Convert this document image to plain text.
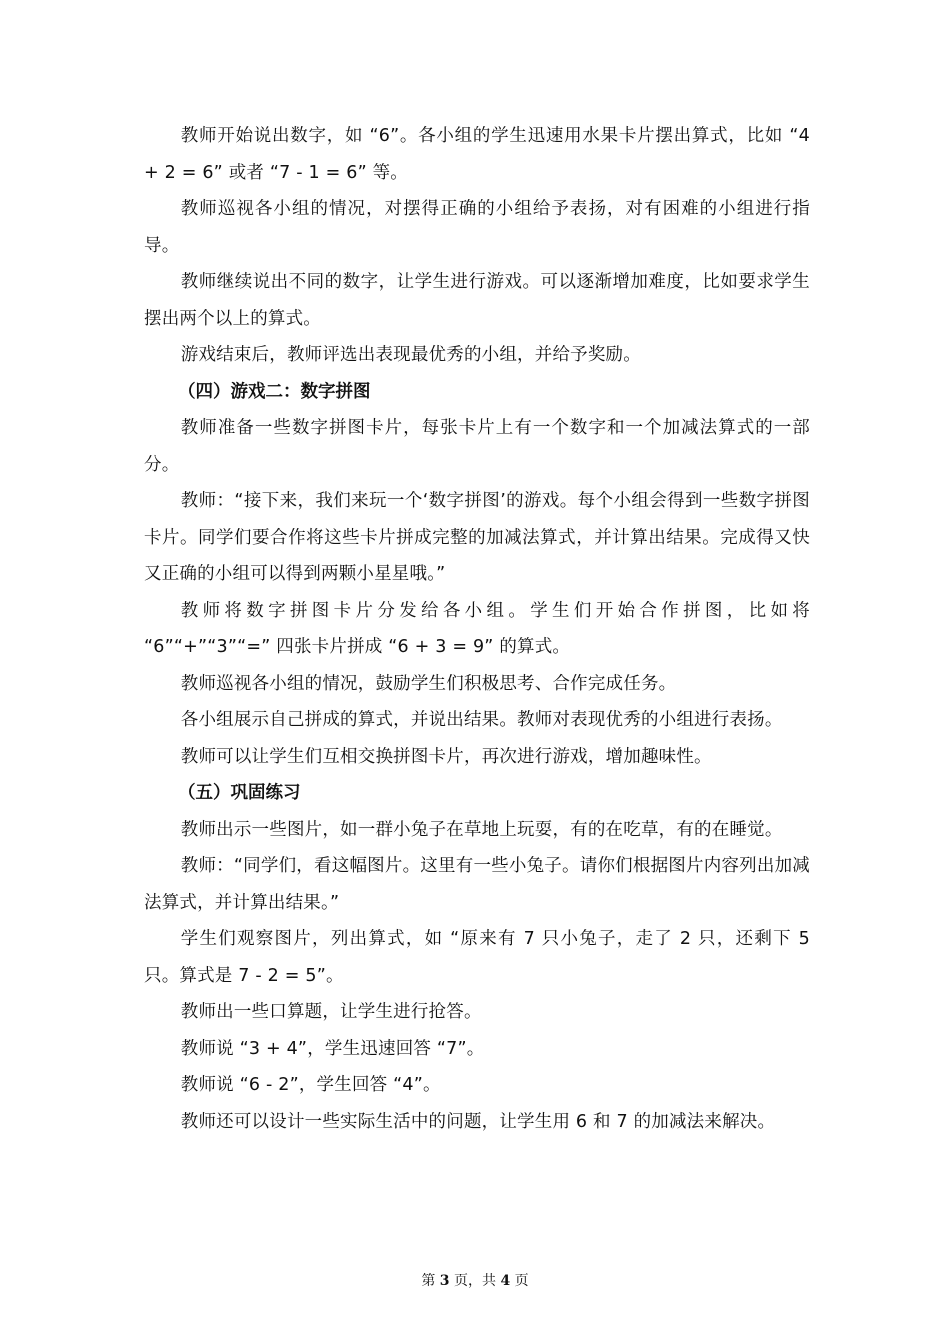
教师开始说出数字，如 “6”。各小组的学生迅速用水果卡片摆出算式，比如 “4 + 2 = 6” 或者 “7 - 1 = 6” 等。

教师巡视各小组的情况，对摆得正确的小组给予表扬，对有困难的小组进行指导。

教师继续说出不同的数字，让学生进行游戏。可以逐渐增加难度，比如要求学生摆出两个以上的算式。

游戏结束后，教师评选出表现最优秀的小组，并给予奖励。

（四）游戏二：数字拼图

教师准备一些数字拼图卡片，每张卡片上有一个数字和一个加减法算式的一部分。

教师：“接下来，我们来玩一个‘数字拼图’的游戏。每个小组会得到一些数字拼图卡片。同学们要合作将这些卡片拼成完整的加减法算式，并计算出结果。完成得又快又正确的小组可以得到两颗小星星哦。”

教师将数字拼图卡片分发给各小组。学生们开始合作拼图，比如将 “6”“+”“3”“=” 四张卡片拼成 “6 + 3 = 9” 的算式。

教师巡视各小组的情况，鼓励学生们积极思考、合作完成任务。

各小组展示自己拼成的算式，并说出结果。教师对表现优秀的小组进行表扬。

教师可以让学生们互相交换拼图卡片，再次进行游戏，增加趣味性。

（五）巩固练习

教师出示一些图片，如一群小兔子在草地上玩耍，有的在吃草，有的在睡觉。

教师：“同学们，看这幅图片。这里有一些小兔子。请你们根据图片内容列出加减法算式，并计算出结果。”

学生们观察图片，列出算式，如 “原来有 7 只小兔子，走了 2 只，还剩下 5 只。算式是 7 - 2 = 5”。

教师出一些口算题，让学生进行抢答。

教师说 “3 + 4”，学生迅速回答 “7”。

教师说 “6 - 2”，学生回答 “4”。

教师还可以设计一些实际生活中的问题，让学生用 6 和 7 的加减法来解决。

第 3 页，共 4 页
